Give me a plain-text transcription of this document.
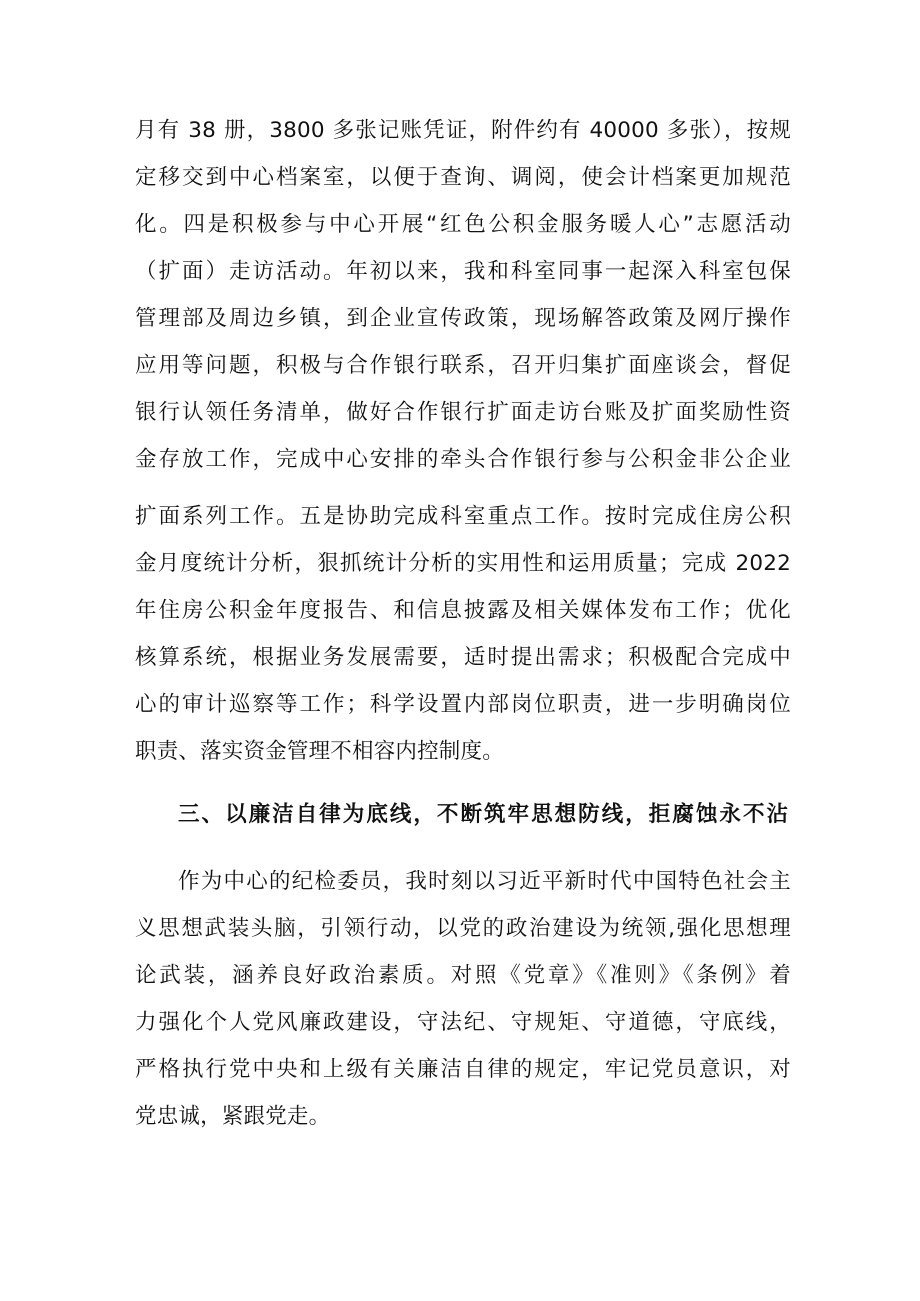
月有 38 册，3800 多张记账凭证，附件约有 40000 多张），按规
定移交到中心档案室，以便于查询、调阅，使会计档案更加规范
化。四是积极参与中心开展“红色公积金服务暖人心”志愿活动
（扩面）走访活动。年初以来，我和科室同事一起深入科室包保
管理部及周边乡镇，到企业宣传政策，现场解答政策及网厅操作
应用等问题，积极与合作银行联系，召开归集扩面座谈会，督促
银行认领任务清单，做好合作银行扩面走访台账及扩面奖励性资
金存放工作，完成中心安排的牵头合作银行参与公积金非公企业
扩面系列工作。五是协助完成科室重点工作。按时完成住房公积
金月度统计分析，狠抓统计分析的实用性和运用质量；完成 2022
年住房公积金年度报告、和信息披露及相关媒体发布工作；优化
核算系统，根据业务发展需要，适时提出需求；积极配合完成中
心的审计巡察等工作；科学设置内部岗位职责，进一步明确岗位
职责、落实资金管理不相容内控制度。
三、以廉洁自律为底线，不断筑牢思想防线，拒腐蚀永不沾
作为中心的纪检委员，我时刻以习近平新时代中国特色社会主
义思想武装头脑，引领行动，以党的政治建设为统领,强化思想理
论武装，涵养良好政治素质。对照《党章》《准则》《条例》着
力强化个人党风廉政建设，守法纪、守规矩、守道德，守底线，
严格执行党中央和上级有关廉洁自律的规定，牢记党员意识，对
党忠诚，紧跟党走。
